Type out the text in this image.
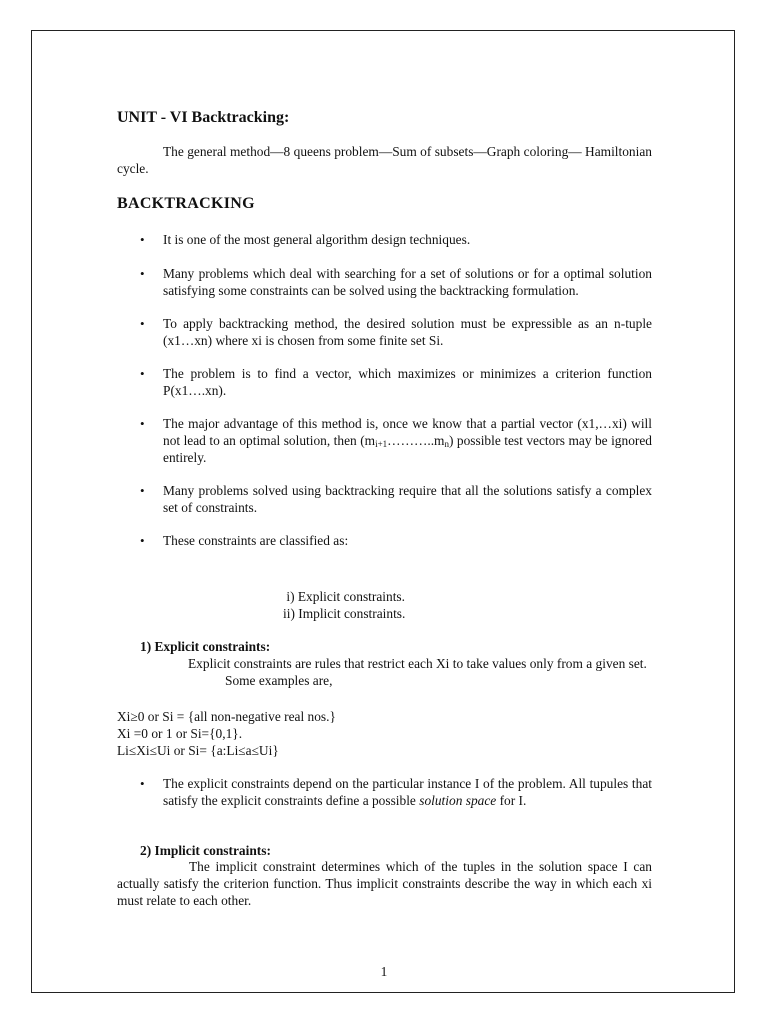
UNIT - VI Backtracking:
The general method—8 queens problem—Sum of subsets—Graph coloring— Hamiltonian cycle.
BACKTRACKING
• It is one of the most general algorithm design techniques.
• Many problems which deal with searching for a set of solutions or for a optimal solution satisfying some constraints can be solved using the backtracking formulation.
• To apply backtracking method, the desired solution must be expressible as an n-tuple (x1…xn) where xi is chosen from some finite set Si.
• The problem is to find a vector, which maximizes or minimizes a criterion function P(x1….xn).
• The major advantage of this method is, once we know that a partial vector (x1,…xi) will not lead to an optimal solution, then $(m_{i+1}\dots\dots\dots..m_n)$ possible test vectors may be ignored entirely.
• Many problems solved using backtracking require that all the solutions satisfy a complex set of constraints.
• These constraints are classified as:
i) Explicit constraints.
ii) Implicit constraints.
1) Explicit constraints:
Explicit constraints are rules that restrict each Xi to take values only from a given set.
Some examples are,
Xi≥0 or Si = {all non-negative real nos.}
Xi =0 or 1 or Si={0,1}.
Li≤Xi≤Ui or Si= {a:Li≤a≤Ui}
• The explicit constraints depend on the particular instance I of the problem. All tupules that satisfy the explicit constraints define a possible solution space for I.
2) Implicit constraints:
The implicit constraint determines which of the tuples in the solution space I can actually satisfy the criterion function. Thus implicit constraints describe the way in which each xi must relate to each other.
1
